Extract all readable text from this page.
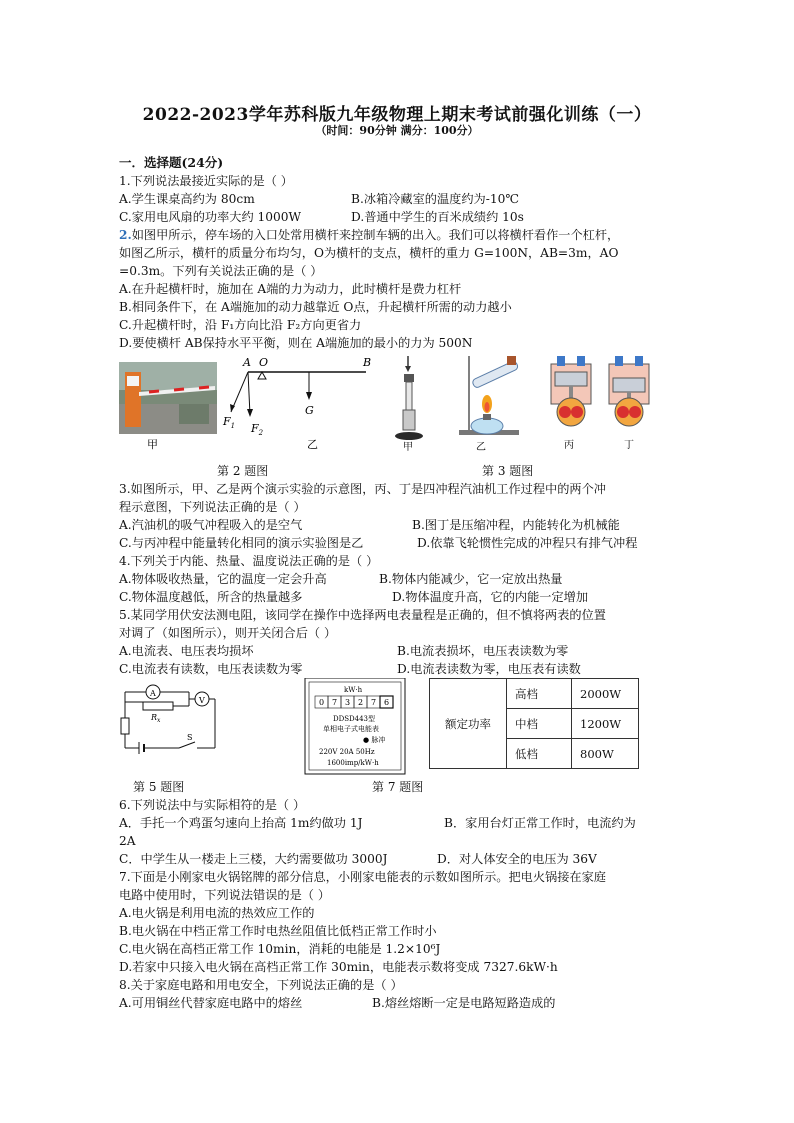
2022-2023学年苏科版九年级物理上期末考试前强化训练（一）
（时间：90分钟 满分：100分）
一．选择题(24分)
1.下列说法最接近实际的是（ ）
A.学生课桌高约为 80cm	B.冰箱冷藏室的温度约为-10℃
C.家用电风扇的功率大约 1000W	D.普通中学生的百米成绩约 10s
2.如图甲所示，停车场的入口处常用横杆来控制车辆的出入。我们可以将横杆看作一个杠杆，
如图乙所示，横杆的质量分布均匀，O为横杆的支点，横杆的重力 G=100N，AB=3m，AO
=0.3m。下列有关说法正确的是（ ）
A.在升起横杆时，施加在 A端的力为动力，此时横杆是费力杠杆
B.相同条件下，在 A端施加的动力越靠近 O点，升起横杆所需的动力越小
C.升起横杆时，沿 F₁方向比沿 F₂方向更省力
D.要使横杆 AB保持水平平衡，则在 A端施加的最小的力为 500N
甲
A O	B
$F_1$ $F_2$
G
乙	甲	乙	丙	丁
第 2 题图	第 3 题图
3.如图所示，甲、乙是两个演示实验的示意图，丙、丁是四冲程汽油机工作过程中的两个冲
程示意图，下列说法正确的是（ ）
A.汽油机的吸气冲程吸入的是空气	B.图丁是压缩冲程，内能转化为机械能
C.与丙冲程中能量转化相同的演示实验图是乙	D.依靠飞轮惯性完成的冲程只有排气冲程
4.下列关于内能、热量、温度说法正确的是（ ）
A.物体吸收热量，它的温度一定会升高	B.物体内能减少，它一定放出热量
C.物体温度越低，所含的热量越多	D.物体温度升高，它的内能一定增加
5.某同学用伏安法测电阻，该同学在操作中选择两电表量程是正确的，但不慎将两表的位置
对调了（如图所示），则开关闭合后（ ）
A.电流表、电压表均损坏	B.电流表损坏，电压表读数为零
C.电流表有读数，电压表读数为零	D.电流表读数为零，电压表有读数
A
V
$R_x$
S
kW·h
0 7 3 2 7 6
DDSD443型
单相电子式电能表
● 脉冲
220V 20A 50Hz
1600imp/kW·h
额定功率	高档	2000W
	中档	1200W
	低档	800W
第 5 题图	第 7 题图
6.下列说法中与实际相符的是（ ）
A．手托一个鸡蛋匀速向上抬高 1m约做功 1J	B．家用台灯正常工作时，电流约为
2A
C．中学生从一楼走上三楼，大约需要做功 3000J	D．对人体安全的电压为 36V
7.下面是小刚家电火锅铭牌的部分信息，小刚家电能表的示数如图所示。把电火锅接在家庭
电路中使用时，下列说法错误的是（ ）
A.电火锅是利用电流的热效应工作的
B.电火锅在中档正常工作时电热丝阻值比低档正常工作时小
C.电火锅在高档正常工作 10min，消耗的电能是 1.2×10⁶J
D.若家中只接入电火锅在高档正常工作 30min，电能表示数将变成 7327.6kW·h
8.关于家庭电路和用电安全，下列说法正确的是（ ）
A.可用铜丝代替家庭电路中的熔丝	B.熔丝熔断一定是电路短路造成的
